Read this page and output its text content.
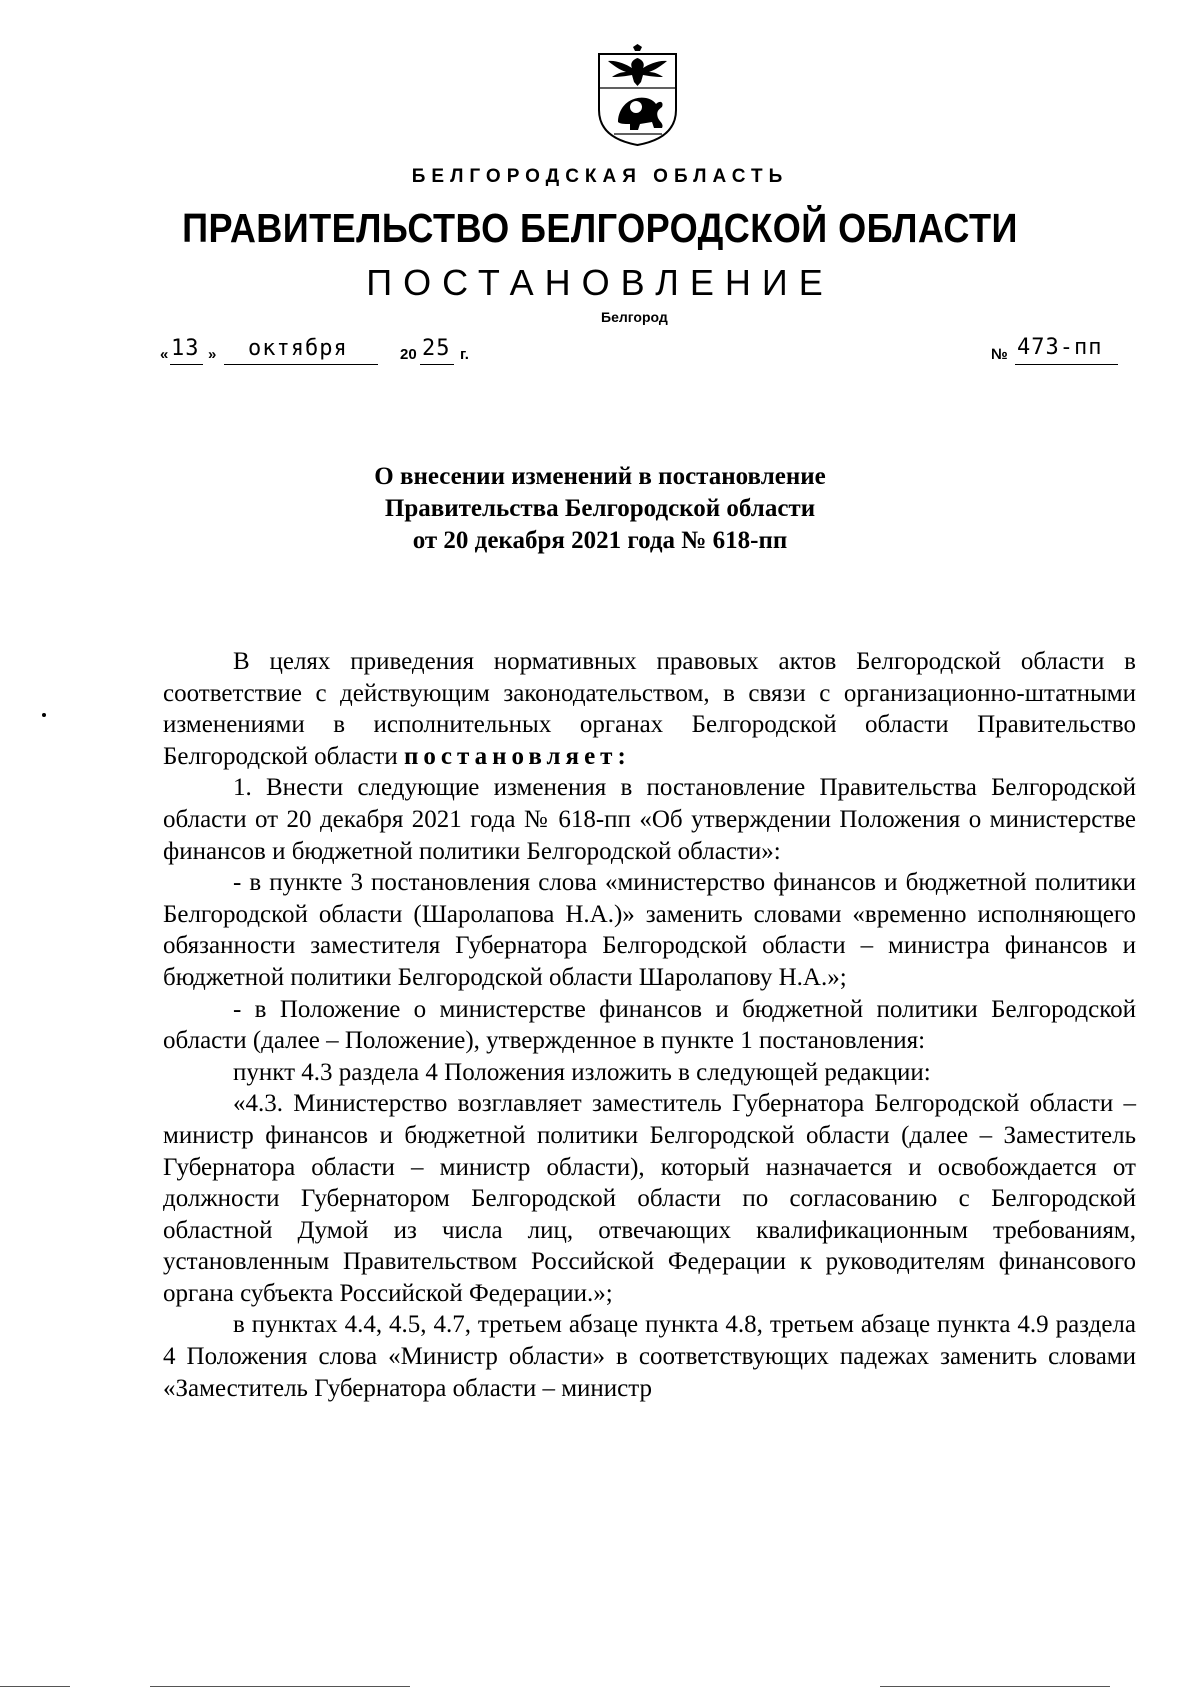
БЕЛГОРОДСКАЯ ОБЛАСТЬ
ПРАВИТЕЛЬСТВО БЕЛГОРОДСКОЙ ОБЛАСТИ
ПОСТАНОВЛЕНИЕ
Белгород
« 13 » октября	20 25 г.	№ 473-пп
О внесении изменений в постановление
Правительства Белгородской области
от 20 декабря 2021 года № 618-пп

В целях приведения нормативных правовых актов Белгородской области в соответствие с действующим законодательством, в связи с организационно-штатными изменениями в исполнительных органах Белгородской области Правительство Белгородской области постановляет:

1. Внести следующие изменения в постановление Правительства Белгородской области от 20 декабря 2021 года № 618-пп «Об утверждении Положения о министерстве финансов и бюджетной политики Белгородской области»:

- в пункте 3 постановления слова «министерство финансов и бюджетной политики Белгородской области (Шаролапова Н.А.)» заменить словами «временно исполняющего обязанности заместителя Губернатора Белгородской области – министра финансов и бюджетной политики Белгородской области Шаролапову Н.А.»;

- в Положение о министерстве финансов и бюджетной политики Белгородской области (далее – Положение), утвержденное в пункте 1 постановления:

пункт 4.3 раздела 4 Положения изложить в следующей редакции:

«4.3. Министерство возглавляет заместитель Губернатора Белгородской области – министр финансов и бюджетной политики Белгородской области (далее – Заместитель Губернатора области – министр области), который назначается и освобождается от должности Губернатором Белгородской области по согласованию с Белгородской областной Думой из числа лиц, отвечающих квалификационным требованиям, установленным Правительством Российской Федерации к руководителям финансового органа субъекта Российской Федерации.»;

в пунктах 4.4, 4.5, 4.7, третьем абзаце пункта 4.8, третьем абзаце пункта 4.9 раздела 4 Положения слова «Министр области» в соответствующих падежах заменить словами «Заместитель Губернатора области – министр
